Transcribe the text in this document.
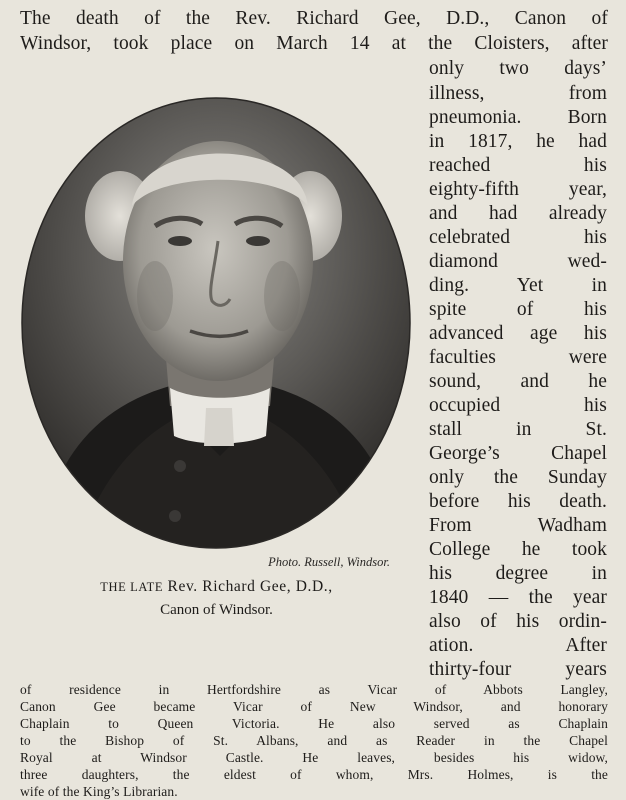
The death of the Rev. Richard Gee, D.D., Canon of
Windsor, took place on March 14 at the Cloisters, after
only two days’
illness, from
pneumonia. Born
in 1817, he had
reached his
eighty-fifth year,
and had already
celebrated his
diamond wed-
ding. Yet in
spite of his
advanced age his
faculties were
sound, and he
occupied his
stall in St.
George’s Chapel
only the Sunday
before his death.
From Wadham
College he took
his degree in
1840 — the year
also of his ordin-
ation. After
thirty-four years
of residence in Hertfordshire as Vicar of Abbots Langley,
Canon Gee became Vicar of New Windsor, and honorary
Chaplain to Queen Victoria. He also served as Chaplain
to the Bishop of St. Albans, and as Reader in the Chapel
Royal at Windsor Castle. He leaves, besides his widow,
three daughters, the eldest of whom, Mrs. Holmes, is the
wife of the King’s Librarian.
Photo. Russell, Windsor.
THE LATE Rev. Richard Gee, D.D.,
Canon of Windsor.
